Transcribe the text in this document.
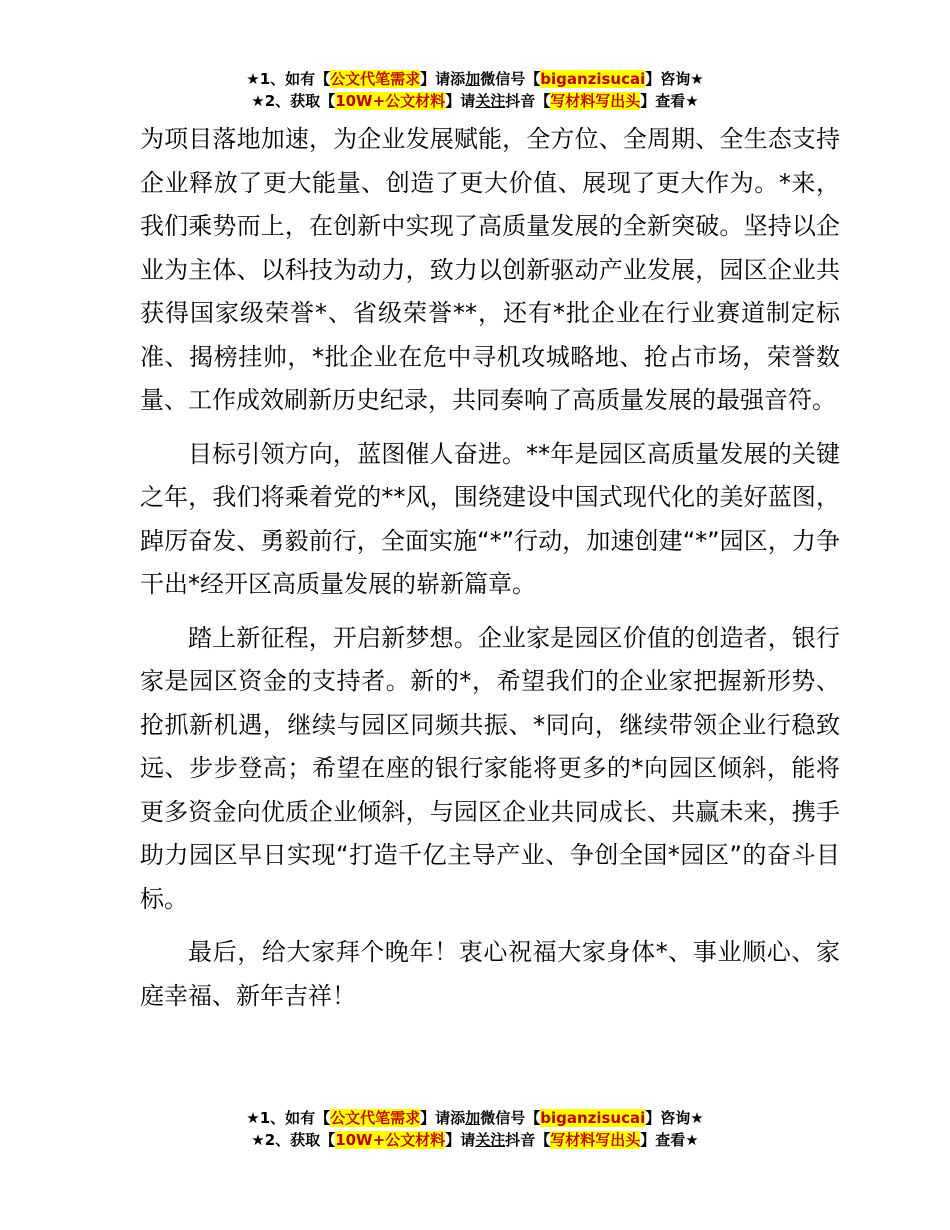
★1、如有【公文代笔需求】请添加微信号【biganzisucai】咨询★
★2、获取【10W+公文材料】请关注抖音【写材料写出头】查看★

为项目落地加速，为企业发展赋能，全方位、全周期、全生态支持企业释放了更大能量、创造了更大价值、展现了更大作为。*来，我们乘势而上，在创新中实现了高质量发展的全新突破。坚持以企业为主体、以科技为动力，致力以创新驱动产业发展，园区企业共获得国家级荣誉*、省级荣誉**，还有*批企业在行业赛道制定标准、揭榜挂帅，*批企业在危中寻机攻城略地、抢占市场，荣誉数量、工作成效刷新历史纪录，共同奏响了高质量发展的最强音符。

目标引领方向，蓝图催人奋进。**年是园区高质量发展的关键之年，我们将乘着党的**风，围绕建设中国式现代化的美好蓝图，踔厉奋发、勇毅前行，全面实施“*”行动，加速创建“*”园区，力争干出*经开区高质量发展的崭新篇章。

踏上新征程，开启新梦想。企业家是园区价值的创造者，银行家是园区资金的支持者。新的*，希望我们的企业家把握新形势、抢抓新机遇，继续与园区同频共振、*同向，继续带领企业行稳致远、步步登高；希望在座的银行家能将更多的*向园区倾斜，能将更多资金向优质企业倾斜，与园区企业共同成长、共赢未来，携手助力园区早日实现“打造千亿主导产业、争创全国*园区”的奋斗目标。

最后，给大家拜个晚年！衷心祝福大家身体*、事业顺心、家庭幸福、新年吉祥！

★1、如有【公文代笔需求】请添加微信号【biganzisucai】咨询★
★2、获取【10W+公文材料】请关注抖音【写材料写出头】查看★
